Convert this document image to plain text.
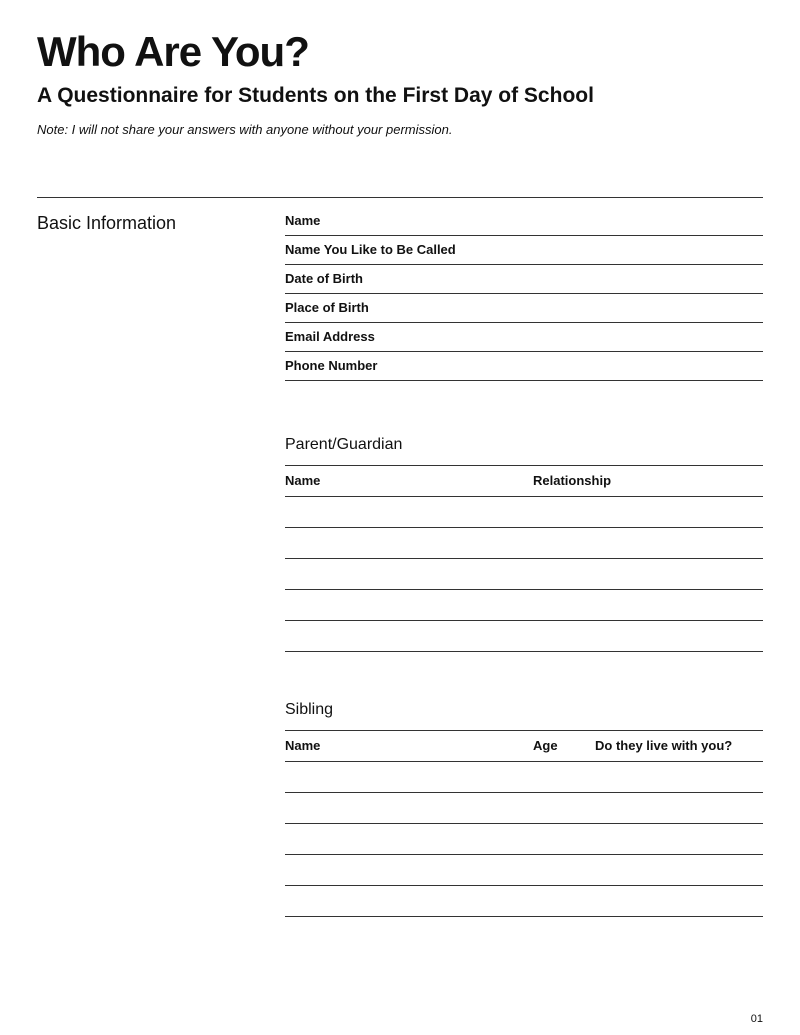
Who Are You?
A Questionnaire for Students on the First Day of School
Note: I will not share your answers with anyone without your permission.
Basic Information	Name
Name You Like to Be Called
Date of Birth
Place of Birth
Email Address
Phone Number
Parent/Guardian
Name	Relationship
Sibling
Name	Age	Do they live with you?
01
